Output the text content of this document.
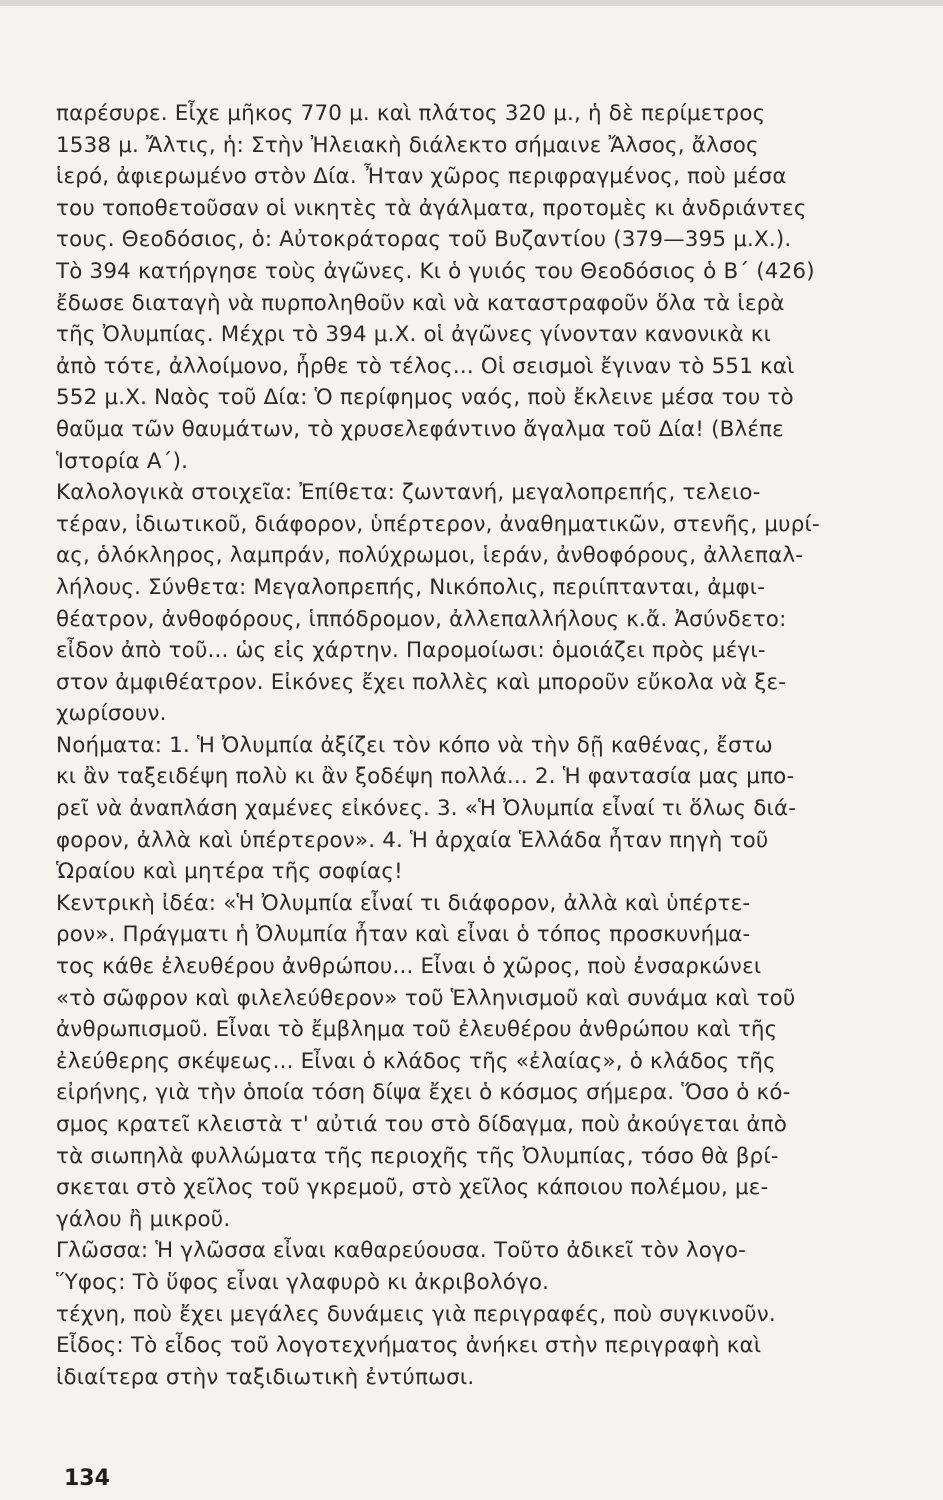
παρέσυρε. Εἶχε μῆκος 770 μ. καὶ πλάτος 320 μ., ἡ δὲ περίμετρος
1538 μ. Ἄλτις, ἡ: Στὴν Ἠλειακὴ διάλεκτο σήμαινε Ἄλσος, ἄλσος
ἱερό, ἀφιερωμένο στὸν Δία. Ἦταν χῶρος περιφραγμένος, ποὺ μέσα
του τοποθετοῦσαν οἱ νικητὲς τὰ ἀγάλματα, προτομὲς κι ἀνδριάντες
τους. Θεοδόσιος, ὁ: Αὐτοκράτορας τοῦ Βυζαντίου (379—395 μ.Χ.).
Τὸ 394 κατήργησε τοὺς ἀγῶνες. Κι ὁ γυιός του Θεοδόσιος ὁ Β΄ (426)
ἔδωσε διαταγὴ νὰ πυρποληθοῦν καὶ νὰ καταστραφοῦν ὅλα τὰ ἱερὰ
τῆς Ὀλυμπίας. Μέχρι τὸ 394 μ.Χ. οἱ ἀγῶνες γίνονταν κανονικὰ κι
ἀπὸ τότε, ἀλλοίμονο, ἦρθε τὸ τέλος... Οἱ σεισμοὶ ἔγιναν τὸ 551 καὶ
552 μ.Χ. Ναὸς τοῦ Δία: Ὁ περίφημος ναός, ποὺ ἔκλεινε μέσα του τὸ
θαῦμα τῶν θαυμάτων, τὸ χρυσελεφάντινο ἄγαλμα τοῦ Δία! (Βλέπε
Ἱστορία Α΄).
Καλολογικὰ στοιχεῖα: Ἐπίθετα: ζωντανή, μεγαλοπρεπής, τελειο-
τέραν, ἰδιωτικοῦ, διάφορον, ὑπέρτερον, ἀναθηματικῶν, στενῆς, μυρί-
ας, ὁλόκληρος, λαμπράν, πολύχρωμοι, ἱεράν, ἀνθοφόρους, ἀλλεπαλ-
λήλους. Σύνθετα: Μεγαλοπρεπής, Νικόπολις, περιίπτανται, ἀμφι-
θέατρον, ἀνθοφόρους, ἱππόδρομον, ἀλλεπαλλήλους κ.ἄ. Ἀσύνδετο:
εἶδον ἀπὸ τοῦ... ὡς εἰς χάρτην. Παρομοίωσι: ὁμοιάζει πρὸς μέγι-
στον ἀμφιθέατρον. Εἰκόνες ἔχει πολλὲς καὶ μποροῦν εὔκολα νὰ ξε-
χωρίσουν.
Νοήματα: 1. Ἡ Ὀλυμπία ἀξίζει τὸν κόπο νὰ τὴν δῇ καθένας, ἔστω
κι ἂν ταξειδέψη πολὺ κι ἂν ξοδέψη πολλά... 2. Ἡ φαντασία μας μπο-
ρεῖ νὰ ἀναπλάση χαμένες εἰκόνες. 3. «Ἡ Ὀλυμπία εἶναί τι ὅλως διά-
φορον, ἀλλὰ καὶ ὑπέρτερον». 4. Ἡ ἀρχαία Ἑλλάδα ἦταν πηγὴ τοῦ
Ὡραίου καὶ μητέρα τῆς σοφίας!
Κεντρικὴ ἰδέα: «Ἡ Ὀλυμπία εἶναί τι διάφορον, ἀλλὰ καὶ ὑπέρτε-
ρον». Πράγματι ἡ Ὀλυμπία ἦταν καὶ εἶναι ὁ τόπος προσκυνήμα-
τος κάθε ἐλευθέρου ἀνθρώπου... Εἶναι ὁ χῶρος, ποὺ ἐνσαρκώνει
«τὸ σῶφρον καὶ φιλελεύθερον» τοῦ Ἑλληνισμοῦ καὶ συνάμα καὶ τοῦ
ἀνθρωπισμοῦ. Εἶναι τὸ ἔμβλημα τοῦ ἐλευθέρου ἀνθρώπου καὶ τῆς
ἐλεύθερης σκέψεως... Εἶναι ὁ κλάδος τῆς «ἐλαίας», ὁ κλάδος τῆς
εἰρήνης, γιὰ τὴν ὁποία τόση δίψα ἔχει ὁ κόσμος σήμερα. Ὅσο ὁ κό-
σμος κρατεῖ κλειστὰ τ' αὐτιά του στὸ δίδαγμα, ποὺ ἀκούγεται ἀπὸ
τὰ σιωπηλὰ φυλλώματα τῆς περιοχῆς τῆς Ὀλυμπίας, τόσο θὰ βρί-
σκεται στὸ χεῖλος τοῦ γκρεμοῦ, στὸ χεῖλος κάποιου πολέμου, με-
γάλου ἢ μικροῦ.
Γλῶσσα: Ἡ γλῶσσα εἶναι καθαρεύουσα. Τοῦτο ἀδικεῖ τὸν λογο-
Ὕφος: Τὸ ὕφος εἶναι γλαφυρὸ κι ἀκριβολόγο.
τέχνη, ποὺ ἔχει μεγάλες δυνάμεις γιὰ περιγραφές, ποὺ συγκινοῦν.
Εἶδος: Τὸ εἶδος τοῦ λογοτεχνήματος ἀνήκει στὴν περιγραφὴ καὶ
ἰδιαίτερα στὴν ταξιδιωτικὴ ἐντύπωσι.
134
